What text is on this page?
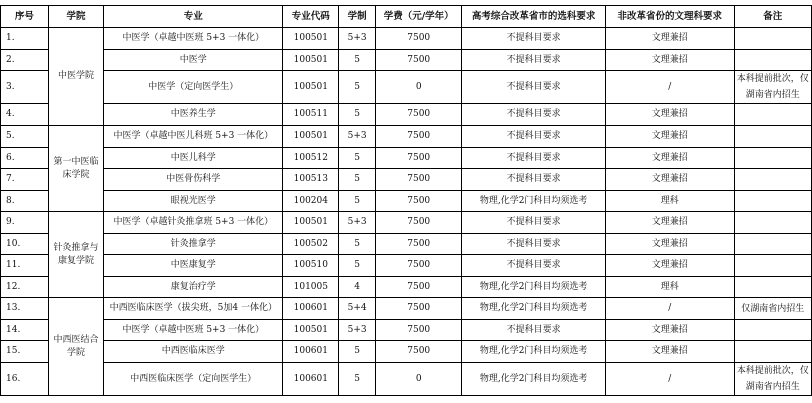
序号	学院	专业	专业代码	学制	学费（元/学年）	高考综合改革省市的选科要求	非改革省份的文理科要求	备注
1.	中医学院	中医学（卓越中医班 5+3 一体化）	100501	5+3	7500	不提科目要求	文理兼招	
2.		中医学	100501	5	7500	不提科目要求	文理兼招	
3.		中医学（定向医学生）	100501	5	0	不提科目要求	/	本科提前批次，仅湖南省内招生
4.		中医养生学	100511	5	7500	不提科目要求	文理兼招	
5.	第一中医临床学院	中医学（卓越中医儿科班 5+3 一体化）	100501	5+3	7500	不提科目要求	文理兼招	
6.		中医儿科学	100512	5	7500	不提科目要求	文理兼招	
7.		中医骨伤科学	100513	5	7500	不提科目要求	文理兼招	
8.		眼视光医学	100204	5	7500	物理,化学2门科目均须选考	理科	
9.	针灸推拿与康复学院	中医学（卓越针灸推拿班 5+3 一体化）	100501	5+3	7500	不提科目要求	文理兼招	
10.		针灸推拿学	100502	5	7500	不提科目要求	文理兼招	
11.		中医康复学	100510	5	7500	不提科目要求	文理兼招	
12.		康复治疗学	101005	4	7500	物理,化学2门科目均须选考	理科	
13.	中西医结合学院	中西医临床医学（拔尖班，5加4 一体化）	100601	5+4	7500	物理,化学2门科目均须选考	/	仅湖南省内招生
14.		中医学（卓越中医班 5+3 一体化）	100501	5+3	7500	不提科目要求	文理兼招	
15.		中西医临床医学	100601	5	7500	物理,化学2门科目均须选考	文理兼招	
16.		中西医临床医学（定向医学生）	100601	5	0	物理,化学2门科目均须选考	/	本科提前批次，仅湖南省内招生
